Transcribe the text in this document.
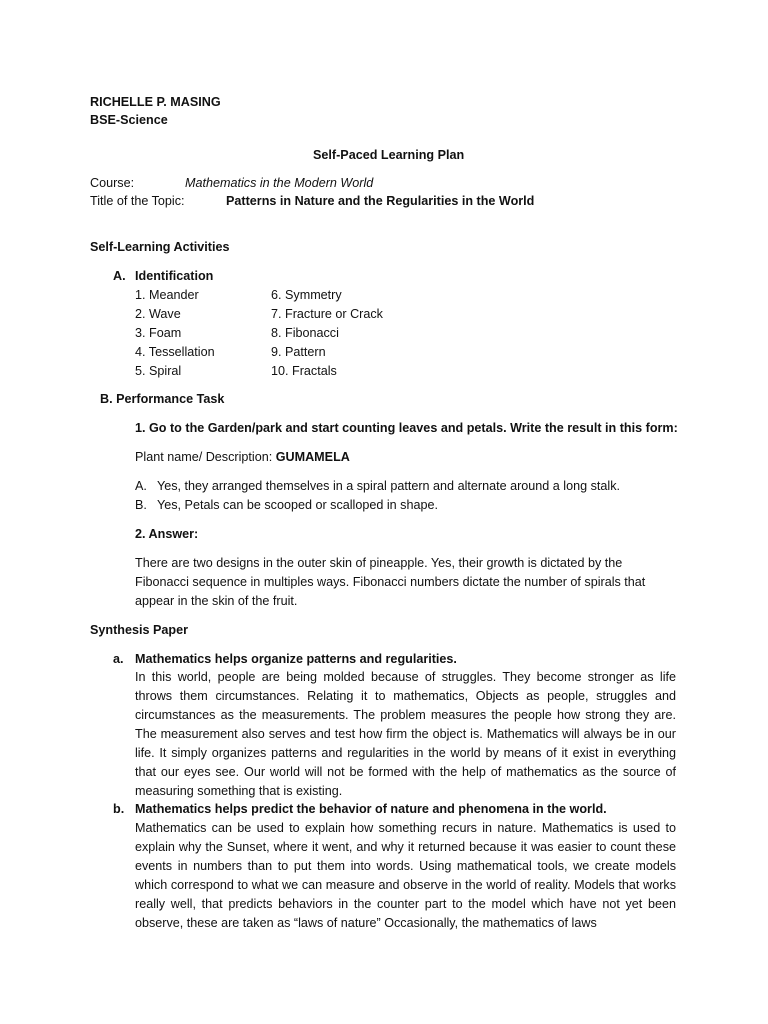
RICHELLE P. MASING
BSE-Science
Self-Paced Learning Plan
Course:	Mathematics in the Modern World
Title of the Topic:	Patterns in Nature and the Regularities in the World
Self-Learning Activities
A. Identification
1. Meander
2. Wave
3. Foam
4. Tessellation
5. Spiral
6. Symmetry
7. Fracture or Crack
8. Fibonacci
9. Pattern
10. Fractals
B. Performance Task
1. Go to the Garden/park and start counting leaves and petals. Write the result in this form:
Plant name/ Description: GUMAMELA
A. Yes, they arranged themselves in a spiral pattern and alternate around a long stalk.
B. Yes, Petals can be scooped or scalloped in shape.
2. Answer:
There are two designs in the outer skin of pineapple. Yes, their growth is dictated by the Fibonacci sequence in multiples ways. Fibonacci numbers dictate the number of spirals that appear in the skin of the fruit.
Synthesis Paper
a. Mathematics helps organize patterns and regularities.
In this world, people are being molded because of struggles. They become stronger as life throws them circumstances. Relating it to mathematics, Objects as people, struggles and circumstances as the measurements. The problem measures the people how strong they are. The measurement also serves and test how firm the object is. Mathematics will always be in our life. It simply organizes patterns and regularities in the world by means of it exist in everything that our eyes see. Our world will not be formed with the help of mathematics as the source of measuring something that is existing.
b. Mathematics helps predict the behavior of nature and phenomena in the world.
Mathematics can be used to explain how something recurs in nature. Mathematics is used to explain why the Sunset, where it went, and why it returned because it was easier to count these events in numbers than to put them into words. Using mathematical tools, we create models which correspond to what we can measure and observe in the world of reality. Models that works really well, that predicts behaviors in the counter part to the model which have not yet been observe, these are taken as “laws of nature” Occasionally, the mathematics of laws
